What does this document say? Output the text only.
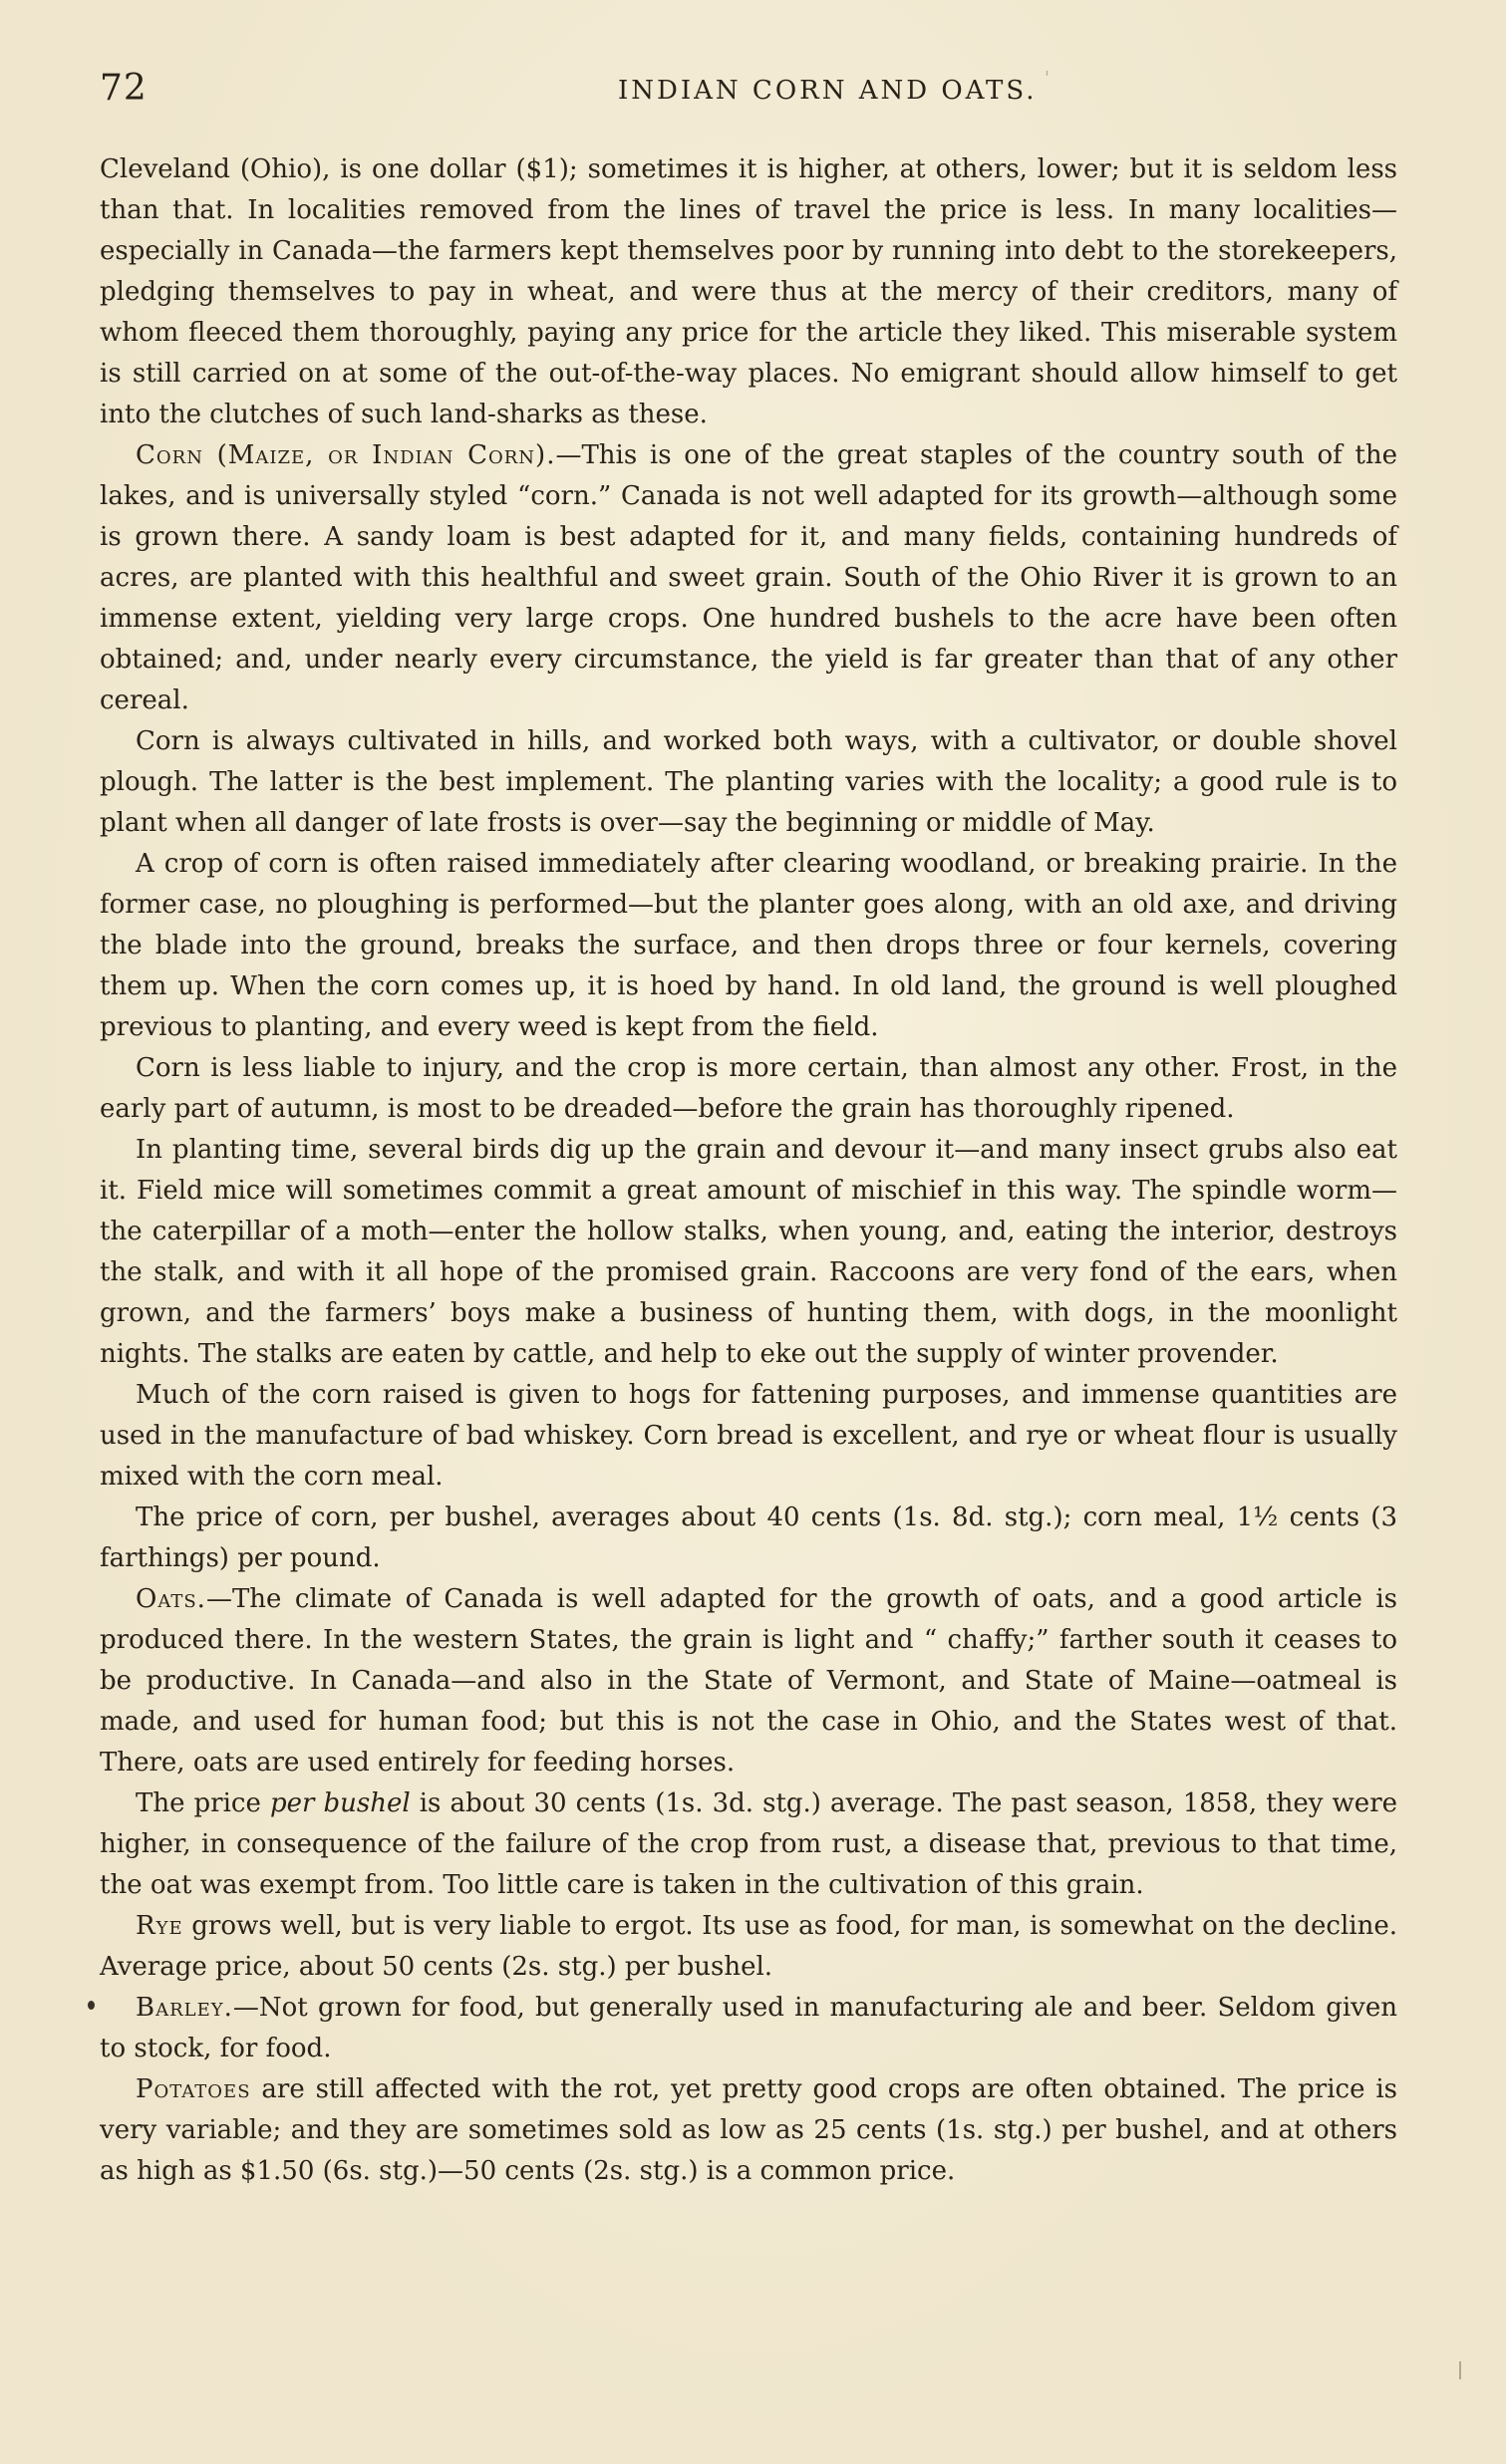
72	INDIAN CORN AND OATS. '

Cleveland (Ohio), is one dollar ($1); sometimes it is higher, at others, lower; but it is seldom less than that. In localities removed from the lines of travel the price is less. In many localities—especially in Canada—the farmers kept themselves poor by running into debt to the storekeepers, pledging themselves to pay in wheat, and were thus at the mercy of their creditors, many of whom fleeced them thoroughly, paying any price for the article they liked. This miserable system is still carried on at some of the out-of-the-way places. No emigrant should allow himself to get into the clutches of such land-sharks as these.

Corn (Maize, or Indian Corn).—This is one of the great staples of the country south of the lakes, and is universally styled “corn.” Canada is not well adapted for its growth—although some is grown there. A sandy loam is best adapted for it, and many fields, containing hundreds of acres, are planted with this healthful and sweet grain. South of the Ohio River it is grown to an immense extent, yielding very large crops. One hundred bushels to the acre have been often obtained; and, under nearly every circumstance, the yield is far greater than that of any other cereal.

Corn is always cultivated in hills, and worked both ways, with a cultivator, or double shovel plough. The latter is the best implement. The planting varies with the locality; a good rule is to plant when all danger of late frosts is over—say the beginning or middle of May.

A crop of corn is often raised immediately after clearing woodland, or breaking prairie. In the former case, no ploughing is performed—but the planter goes along, with an old axe, and driving the blade into the ground, breaks the surface, and then drops three or four kernels, covering them up. When the corn comes up, it is hoed by hand. In old land, the ground is well ploughed previous to planting, and every weed is kept from the field.

Corn is less liable to injury, and the crop is more certain, than almost any other. Frost, in the early part of autumn, is most to be dreaded—before the grain has thoroughly ripened.

In planting time, several birds dig up the grain and devour it—and many insect grubs also eat it. Field mice will sometimes commit a great amount of mischief in this way. The spindle worm—the caterpillar of a moth—enter the hollow stalks, when young, and, eating the interior, destroys the stalk, and with it all hope of the promised grain. Raccoons are very fond of the ears, when grown, and the farmers’ boys make a business of hunting them, with dogs, in the moonlight nights. The stalks are eaten by cattle, and help to eke out the supply of winter provender.

Much of the corn raised is given to hogs for fattening purposes, and immense quantities are used in the manufacture of bad whiskey. Corn bread is excellent, and rye or wheat flour is usually mixed with the corn meal.

The price of corn, per bushel, averages about 40 cents (1s. 8d. stg.); corn meal, 1½ cents (3 farthings) per pound.

Oats.—The climate of Canada is well adapted for the growth of oats, and a good article is produced there. In the western States, the grain is light and “ chaffy;” farther south it ceases to be productive. In Canada—and also in the State of Vermont, and State of Maine—oatmeal is made, and used for human food; but this is not the case in Ohio, and the States west of that. There, oats are used entirely for feeding horses.

The price per bushel is about 30 cents (1s. 3d. stg.) average. The past season, 1858, they were higher, in consequence of the failure of the crop from rust, a disease that, previous to that time, the oat was exempt from. Too little care is taken in the cultivation of this grain.

Rye grows well, but is very liable to ergot. Its use as food, for man, is somewhat on the decline. Average price, about 50 cents (2s. stg.) per bushel.

Barley.—Not grown for food, but generally used in manufacturing ale and beer. Seldom given to stock, for food.

Potatoes are still affected with the rot, yet pretty good crops are often obtained. The price is very variable; and they are sometimes sold as low as 25 cents (1s. stg.) per bushel, and at others as high as $1.50 (6s. stg.)—50 cents (2s. stg.) is a common price.
